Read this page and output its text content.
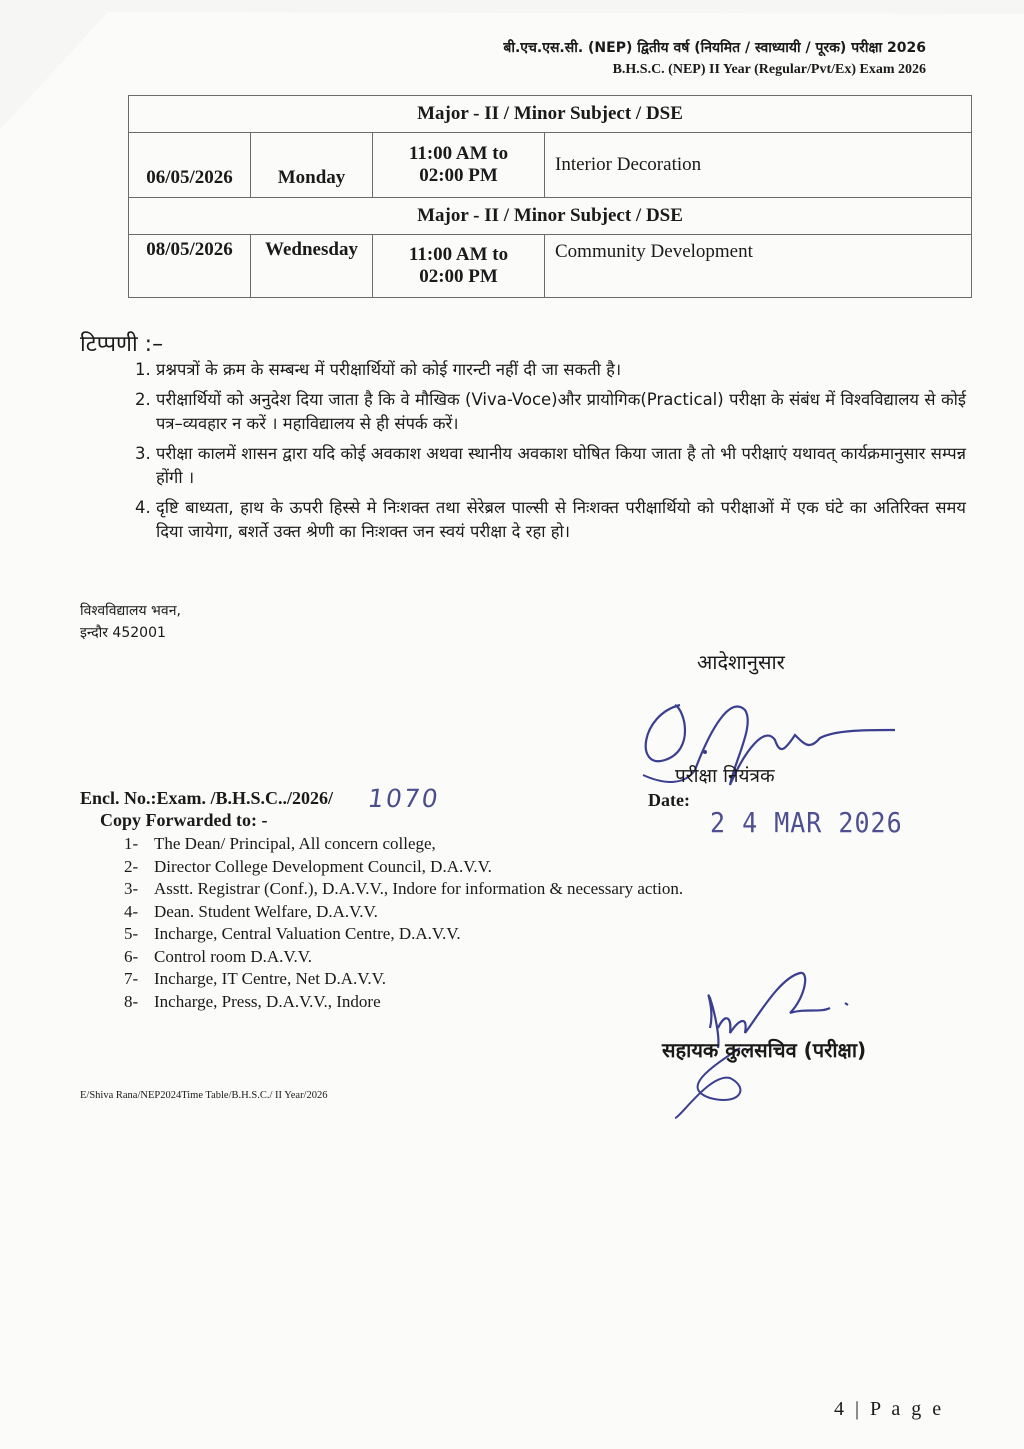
बी.एच.एस.सी. (NEP) द्वितीय वर्ष (नियमित / स्वाध्यायी / पूरक) परीक्षा 2026
B.H.S.C. (NEP) II Year (Regular/Pvt/Ex) Exam 2026
Major - II / Minor Subject / DSE			
06/05/2026	Monday	11:00 AM to
02:00 PM	Interior Decoration
Major - II / Minor Subject / DSE			
08/05/2026	Wednesday	11:00 AM to
02:00 PM	Community Development
टिप्पणी :–
1. प्रश्नपत्रों के क्रम के सम्बन्ध में परीक्षार्थियों को कोई गारन्टी नहीं दी जा सकती है।
2. परीक्षार्थियों को अनुदेश दिया जाता है कि वे मौखिक (Viva-Voce)और प्रायोगिक(Practical) परीक्षा के संबंध में विश्वविद्यालय से कोई पत्र–व्यवहार न करें । महाविद्यालय से ही संपर्क करें।
3. परीक्षा कालमें शासन द्वारा यदि कोई अवकाश अथवा स्थानीय अवकाश घोषित किया जाता है तो भी परीक्षाएं यथावत् कार्यक्रमानुसार सम्पन्न होंगी ।
4. दृष्टि बाध्यता, हाथ के ऊपरी हिस्से मे निःशक्त तथा सेरेब्रल पाल्सी से निःशक्त परीक्षार्थियो को परीक्षाओं में एक घंटे का अतिरिक्त समय दिया जायेगा, बशर्ते उक्त श्रेणी का निःशक्त जन स्वयं परीक्षा दे रहा हो।
विश्वविद्यालय भवन,
इन्दौर 452001
आदेशानुसार
परीक्षा नियंत्रक
Encl. No.:Exam. /B.H.S.C../2026/ 1070
Copy Forwarded to: -
Date:
2 4 MAR 2026
1- The Dean/ Principal, All concern college,
2- Director College Development Council, D.A.V.V.
3- Asstt. Registrar (Conf.), D.A.V.V., Indore for information & necessary action.
4- Dean. Student Welfare, D.A.V.V.
5- Incharge, Central Valuation Centre, D.A.V.V.
6- Control room D.A.V.V.
7- Incharge, IT Centre, Net D.A.V.V.
8- Incharge, Press, D.A.V.V., Indore
सहायक कुलसचिव (परीक्षा)
E/Shiva Rana/NEP2024Time Table/B.H.S.C./ II Year/2026
4 | P a g e
